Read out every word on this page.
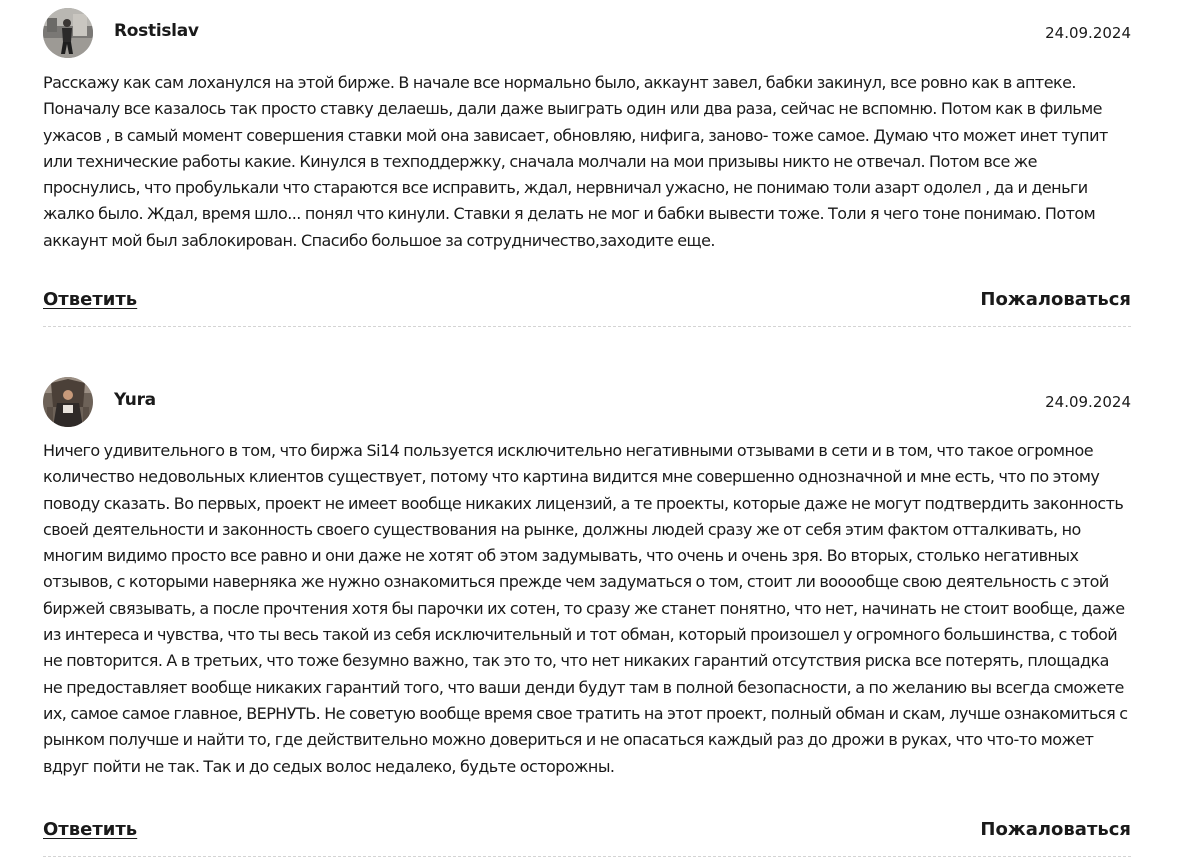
Rostislav	24.09.2024

Расскажу как сам лоханулся на этой бирже. В начале все нормально было, аккаунт завел, бабки закинул, все ровно как в аптеке. Поначалу все казалось так просто ставку делаешь, дали даже выиграть один или два раза, сейчас не вспомню. Потом как в фильме ужасов , в самый момент совершения ставки мой она зависает, обновляю, нифига, заново- тоже самое. Думаю что может инет тупит или технические работы какие. Кинулся в техподдержку, сначала молчали на мои призывы никто не отвечал. Потом все же проснулись, что пробулькали что стараются все исправить, ждал, нервничал ужасно, не понимаю толи азарт одолел , да и деньги жалко было. Ждал, время шло... понял что кинули. Ставки я делать не мог и бабки вывести тоже. Толи я чего тоне понимаю. Потом аккаунт мой был заблокирован. Спасибо большое за сотрудничество,заходите еще.

Ответить	Пожаловаться
Yura	24.09.2024

Ничего удивительного в том, что биржа Si14 пользуется исключительно негативными отзывами в сети и в том, что такое огромное количество недовольных клиентов существует, потому что картина видится мне совершенно однозначной и мне есть, что по этому поводу сказать. Во первых, проект не имеет вообще никаких лицензий, а те проекты, которые даже не могут подтвердить законность своей деятельности и законность своего существования на рынке, должны людей сразу же от себя этим фактом отталкивать, но многим видимо просто все равно и они даже не хотят об этом задумывать, что очень и очень зря. Во вторых, столько негативных отзывов, с которыми наверняка же нужно ознакомиться прежде чем задуматься о том, стоит ли вооообще свою деятельность с этой биржей связывать, а после прочтения хотя бы парочки их сотен, то сразу же станет понятно, что нет, начинать не стоит вообще, даже из интереса и чувства, что ты весь такой из себя исключительный и тот обман, который произошел у огромного большинства, с тобой не повторится. А в третьих, что тоже безумно важно, так это то, что нет никаких гарантий отсутствия риска все потерять, площадка не предоставляет вообще никаких гарантий того, что ваши денди будут там в полной безопасности, а по желанию вы всегда сможете их, самое самое главное, ВЕРНУТЬ. Не советую вообще время свое тратить на этот проект, полный обман и скам, лучше ознакомиться с рынком получше и найти то, где действительно можно довериться и не опасаться каждый раз до дрожи в руках, что что-то может вдруг пойти не так. Так и до седых волос недалеко, будьте осторожны.

Ответить	Пожаловаться
